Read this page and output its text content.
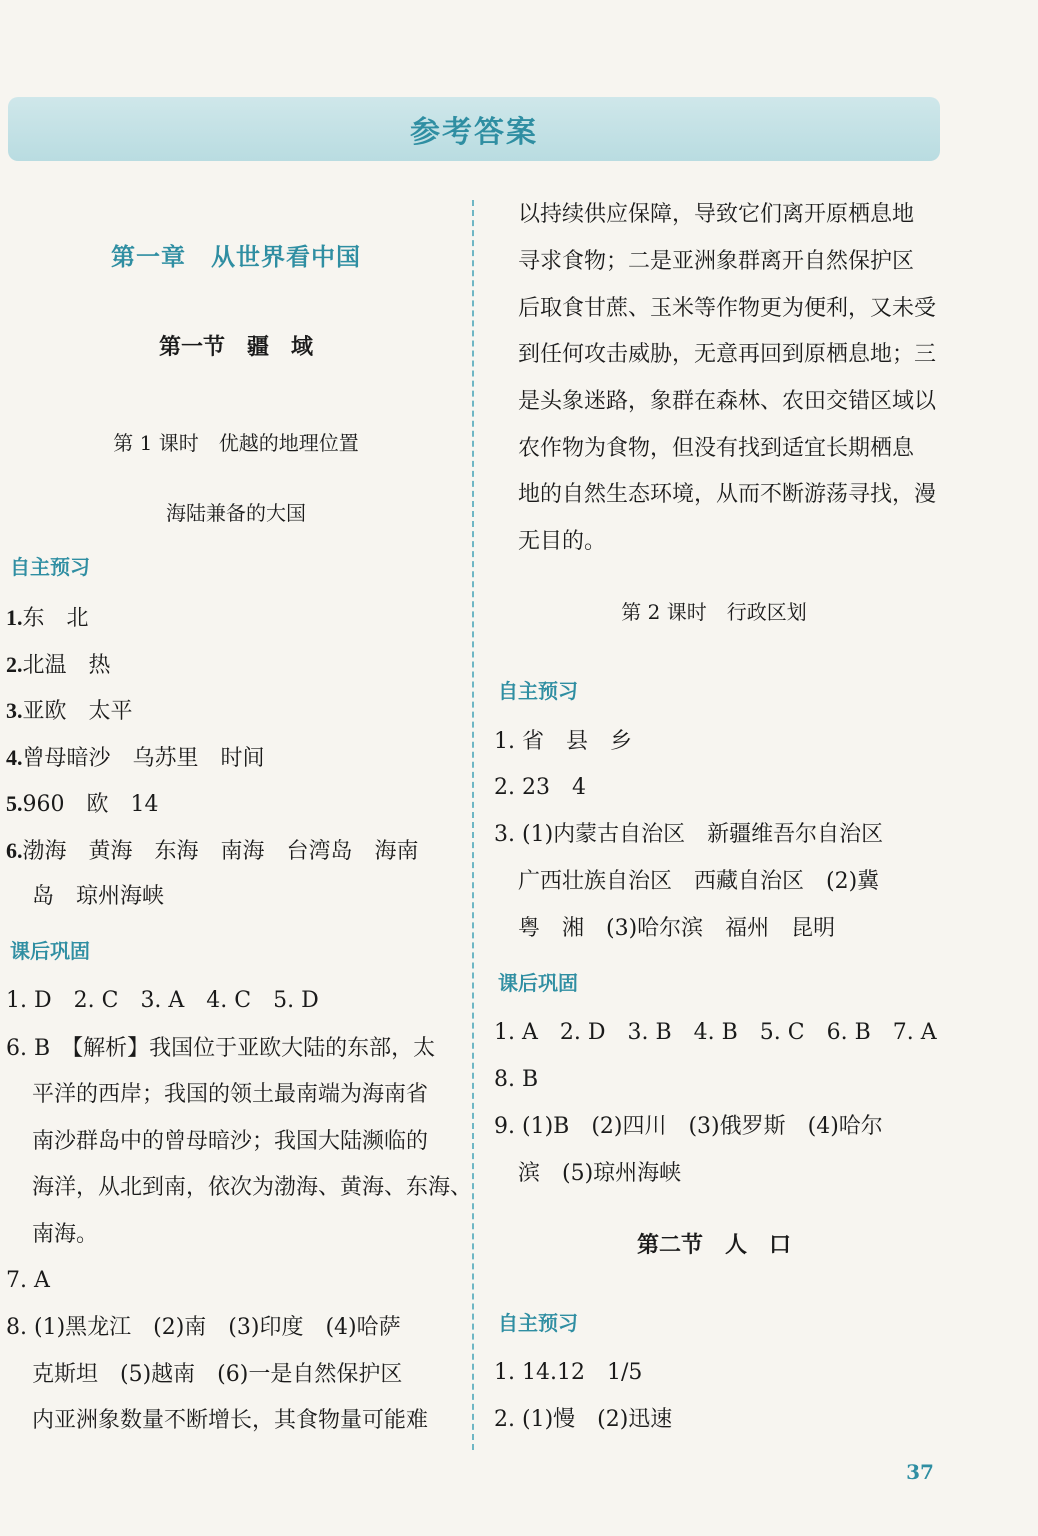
参考答案
第一章　从世界看中国
第一节　疆　域
第 1 课时　优越的地理位置
海陆兼备的大国
自主预习
1.东　北
2.北温　热
3.亚欧　太平
4.曾母暗沙　乌苏里　时间
5.960　欧　14
6.渤海　黄海　东海　南海　台湾岛　海南
岛　琼州海峡
课后巩固
1. D　2. C　3. A　4. C　5. D
6. B　【解析】我国位于亚欧大陆的东部，太
平洋的西岸；我国的领土最南端为海南省
南沙群岛中的曾母暗沙；我国大陆濒临的
海洋，从北到南，依次为渤海、黄海、东海、
南海。
7. A
8. (1)黑龙江　(2)南　(3)印度　(4)哈萨
克斯坦　(5)越南　(6)一是自然保护区
内亚洲象数量不断增长，其食物量可能难
以持续供应保障，导致它们离开原栖息地
寻求食物；二是亚洲象群离开自然保护区
后取食甘蔗、玉米等作物更为便利，又未受
到任何攻击威胁，无意再回到原栖息地；三
是头象迷路，象群在森林、农田交错区域以
农作物为食物，但没有找到适宜长期栖息
地的自然生态环境，从而不断游荡寻找，漫
无目的。
第 2 课时　行政区划
自主预习
1. 省　县　乡
2. 23　4
3. (1)内蒙古自治区　新疆维吾尔自治区
广西壮族自治区　西藏自治区　(2)冀
粤　湘　(3)哈尔滨　福州　昆明
课后巩固
1. A　2. D　3. B　4. B　5. C　6. B　7. A
8. B
9. (1)B　(2)四川　(3)俄罗斯　(4)哈尔
滨　(5)琼州海峡
第二节　人　口
自主预习
1. 14.12　1/5
2. (1)慢　(2)迅速
37
